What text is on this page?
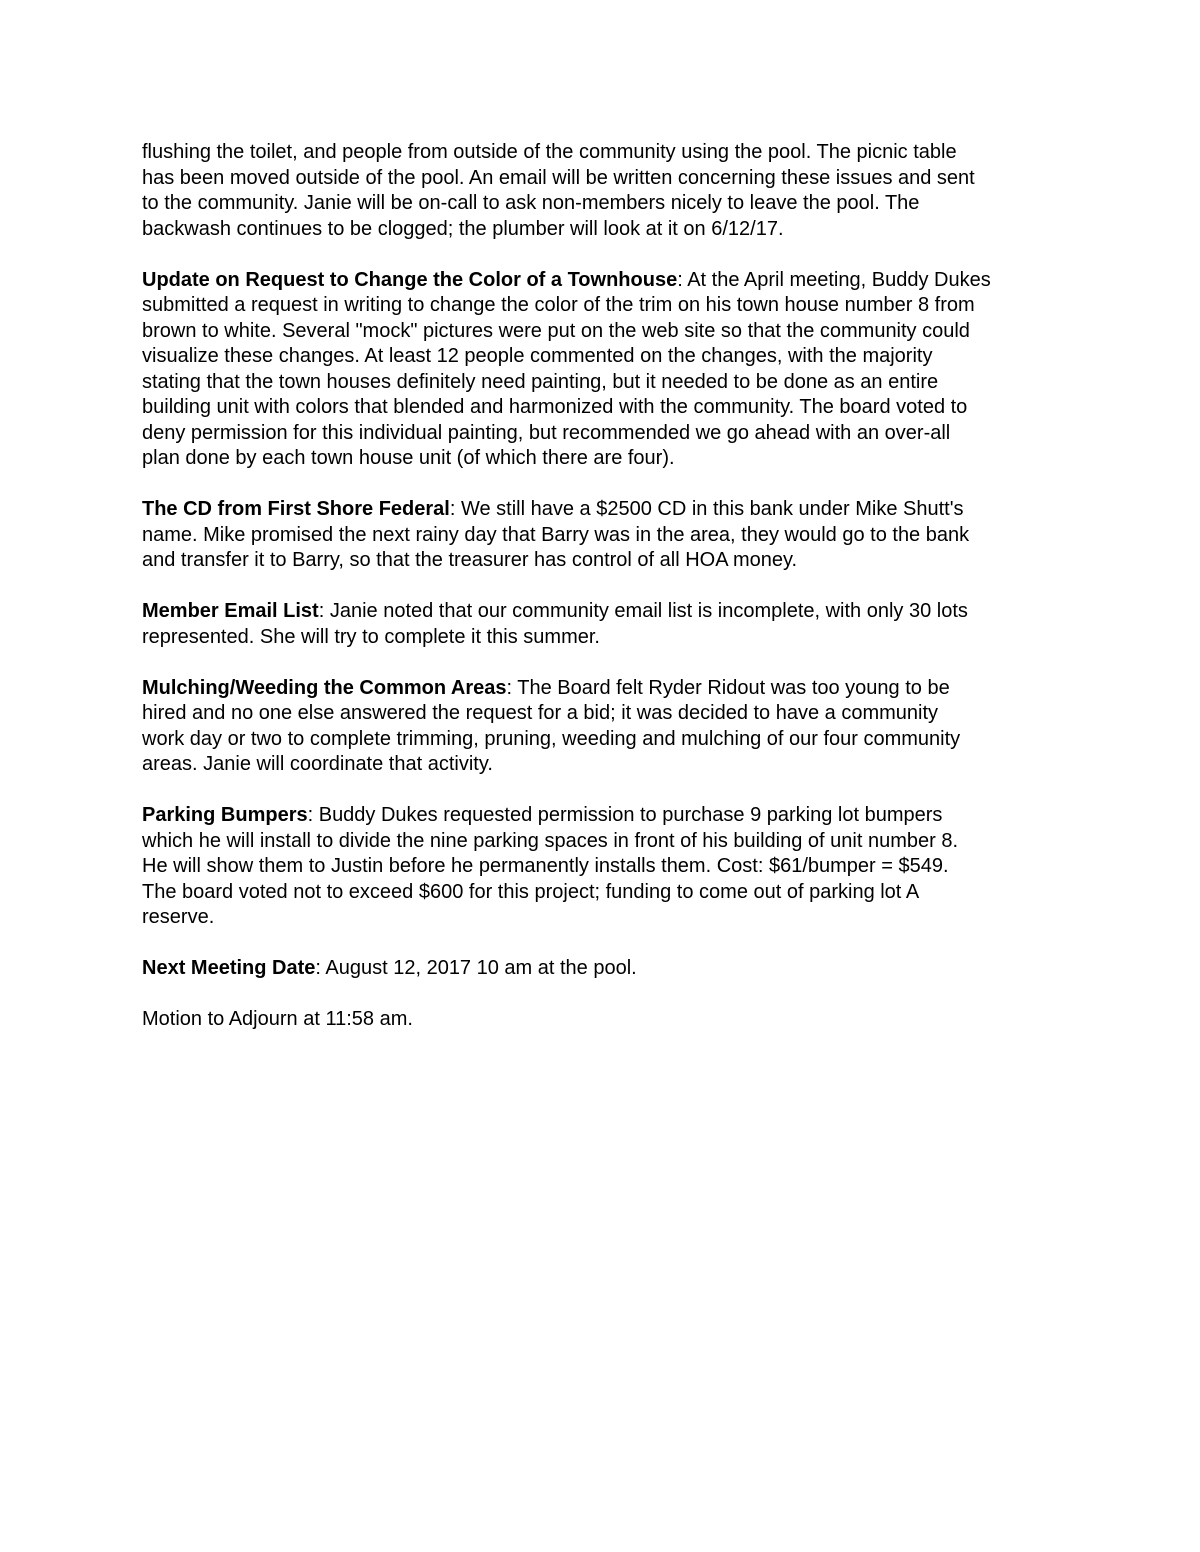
flushing the toilet, and people from outside of the community using the pool. The picnic table
has been moved outside of the pool. An email will be written concerning these issues and sent
to the community. Janie will be on-call to ask non-members nicely to leave the pool. The
backwash continues to be clogged; the plumber will look at it on 6/12/17.

Update on Request to Change the Color of a Townhouse: At the April meeting, Buddy Dukes
submitted a request in writing to change the color of the trim on his town house number 8 from
brown to white. Several "mock" pictures were put on the web site so that the community could
visualize these changes. At least 12 people commented on the changes, with the majority
stating that the town houses definitely need painting, but it needed to be done as an entire
building unit with colors that blended and harmonized with the community. The board voted to
deny permission for this individual painting, but recommended we go ahead with an over-all
plan done by each town house unit (of which there are four).

The CD from First Shore Federal: We still have a $2500 CD in this bank under Mike Shutt's
name. Mike promised the next rainy day that Barry was in the area, they would go to the bank
and transfer it to Barry, so that the treasurer has control of all HOA money.

Member Email List: Janie noted that our community email list is incomplete, with only 30 lots
represented. She will try to complete it this summer.

Mulching/Weeding the Common Areas: The Board felt Ryder Ridout was too young to be
hired and no one else answered the request for a bid; it was decided to have a community
work day or two to complete trimming, pruning, weeding and mulching of our four community
areas. Janie will coordinate that activity.

Parking Bumpers: Buddy Dukes requested permission to purchase 9 parking lot bumpers
which he will install to divide the nine parking spaces in front of his building of unit number 8.
He will show them to Justin before he permanently installs them. Cost: $61/bumper = $549.
The board voted not to exceed $600 for this project; funding to come out of parking lot A
reserve.

Next Meeting Date: August 12, 2017 10 am at the pool.

Motion to Adjourn at 11:58 am.
